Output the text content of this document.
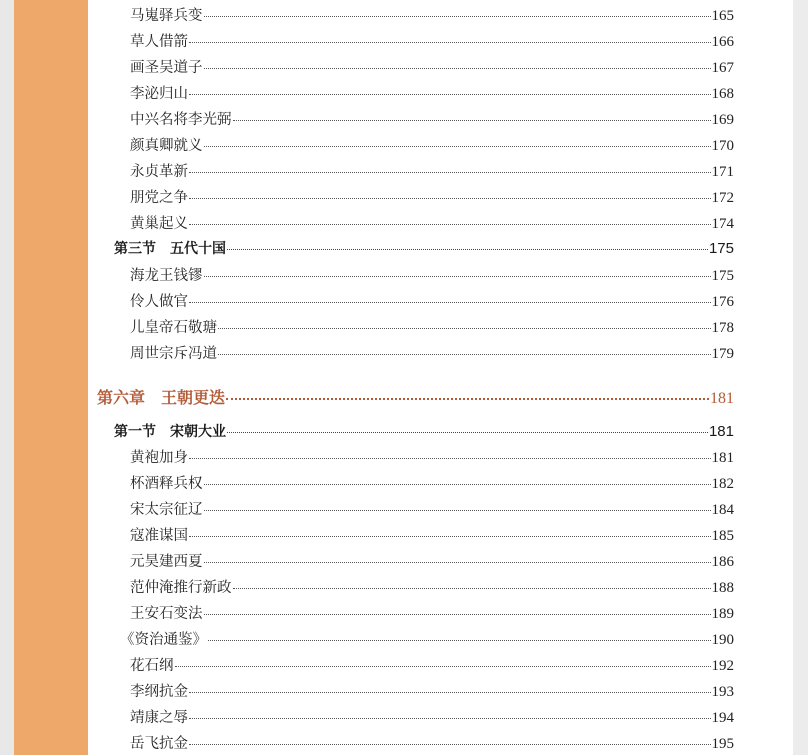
马嵬驿兵变	165
草人借箭	166
画圣吴道子	167
李泌归山	168
中兴名将李光弼	169
颜真卿就义	170
永贞革新	171
朋党之争	172
黄巢起义	174
第三节　五代十国	175
海龙王钱镠	175
伶人做官	176
儿皇帝石敬瑭	178
周世宗斥冯道	179
第六章　王朝更迭	181
第一节　宋朝大业	181
黄袍加身	181
杯酒释兵权	182
宋太宗征辽	184
寇准谋国	185
元昊建西夏	186
范仲淹推行新政	188
王安石变法	189
《资治通鉴》	190
花石纲	192
李纲抗金	193
靖康之辱	194
岳飞抗金	195
